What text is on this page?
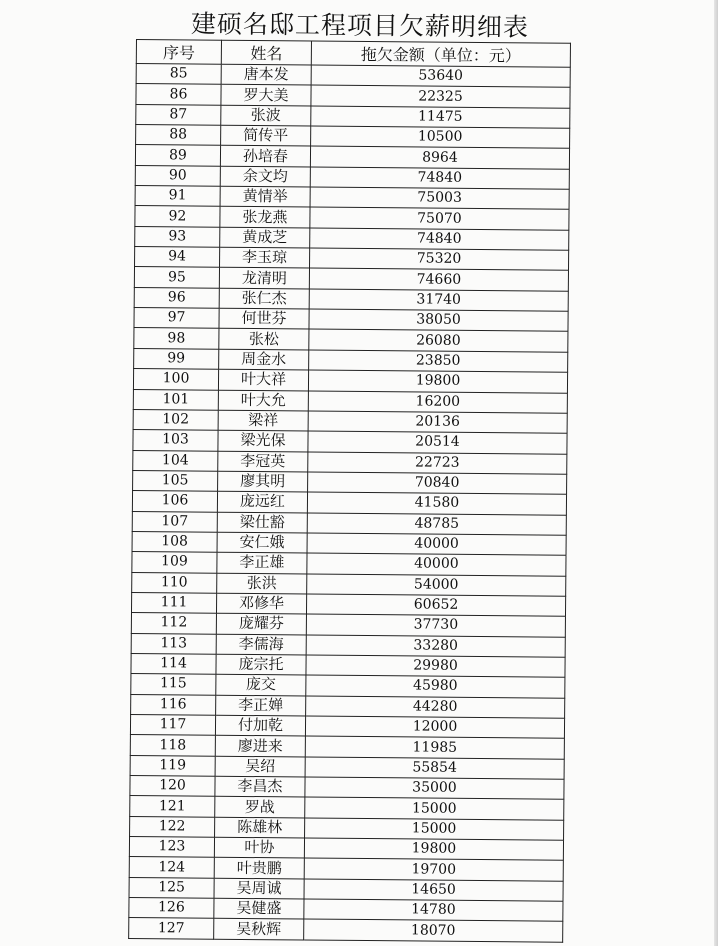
建硕名邸工程项目欠薪明细表
序号	姓名	拖欠金额（单位：元）
85	唐本发	53640
86	罗大美	22325
87	张波	11475
88	简传平	10500
89	孙培春	8964
90	余文均	74840
91	黄情举	75003
92	张龙燕	75070
93	黄成芝	74840
94	李玉琼	75320
95	龙清明	74660
96	张仁杰	31740
97	何世芬	38050
98	张松	26080
99	周金水	23850
100	叶大祥	19800
101	叶大允	16200
102	梁祥	20136
103	梁光保	20514
104	李冠英	22723
105	廖其明	70840
106	庞远红	41580
107	梁仕豁	48785
108	安仁娥	40000
109	李正雄	40000
110	张洪	54000
111	邓修华	60652
112	庞耀芬	37730
113	李儒海	33280
114	庞宗托	29980
115	庞交	45980
116	李正婵	44280
117	付加乾	12000
118	廖进来	11985
119	吴绍	55854
120	李昌杰	35000
121	罗战	15000
122	陈雄林	15000
123	叶协	19800
124	叶贵鹏	19700
125	吴周诚	14650
126	吴健盛	14780
127	吴秋辉	18070
